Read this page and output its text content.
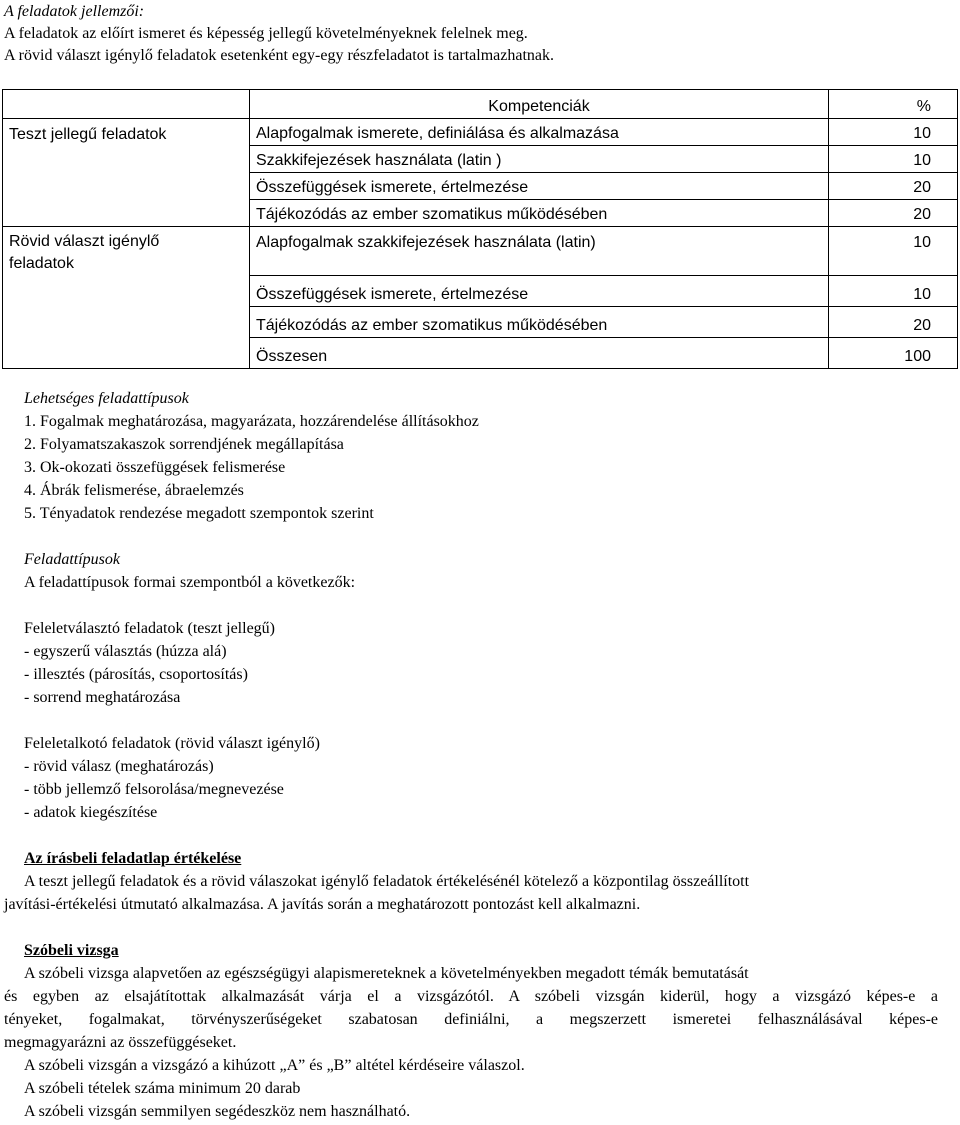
A feladatok jellemzői:
A feladatok az előírt ismeret és képesség jellegű követelményeknek felelnek meg.
A rövid választ igénylő feladatok esetenként egy-egy részfeladatot is tartalmazhatnak.
	Kompetenciák	%
Teszt jellegű feladatok	Alapfogalmak ismerete, definiálása és alkalmazása	10
	Szakkifejezések használata (latin )	10
	Összefüggések ismerete, értelmezése	20
	Tájékozódás az ember szomatikus működésében	20

Rövid választ igénylő
feladatok	Alapfogalmak szakkifejezések használata (latin)	10
	Összefüggések ismerete, értelmezése	10
	Tájékozódás az ember szomatikus működésében	20
	Összesen	100
Lehetséges feladattípusok
1. Fogalmak meghatározása, magyarázata, hozzárendelése állításokhoz
2. Folyamatszakaszok sorrendjének megállapítása
3. Ok-okozati összefüggések felismerése
4. Ábrák felismerése, ábraelemzés
5. Tényadatok rendezése megadott szempontok szerint
Feladattípusok
A feladattípusok formai szempontból a következők:
Feleletválasztó feladatok (teszt jellegű)
- egyszerű választás (húzza alá)
- illesztés (párosítás, csoportosítás)
- sorrend meghatározása
Feleletalkotó feladatok (rövid választ igénylő)
- rövid válasz (meghatározás)
- több jellemző felsorolása/megnevezése
- adatok kiegészítése
Az írásbeli feladatlap értékelése
A teszt jellegű feladatok és a rövid válaszokat igénylő feladatok értékelésénél kötelező a központilag összeállított
javítási-értékelési útmutató alkalmazása. A javítás során a meghatározott pontozást kell alkalmazni.
Szóbeli vizsga
A szóbeli vizsga alapvetően az egészségügyi alapismereteknek a követelményekben megadott témák bemutatását
és egyben az elsajátítottak alkalmazását várja el a vizsgázótól. A szóbeli vizsgán kiderül, hogy a vizsgázó képes-e a
tényeket, fogalmakat, törvényszerűségeket szabatosan definiálni, a megszerzett ismeretei felhasználásával képes-e
megmagyarázni az összefüggéseket.
A szóbeli vizsgán a vizsgázó a kihúzott „A” és „B” altétel kérdéseire válaszol.
A szóbeli tételek száma minimum 20 darab
A szóbeli vizsgán semmilyen segédeszköz nem használható.
